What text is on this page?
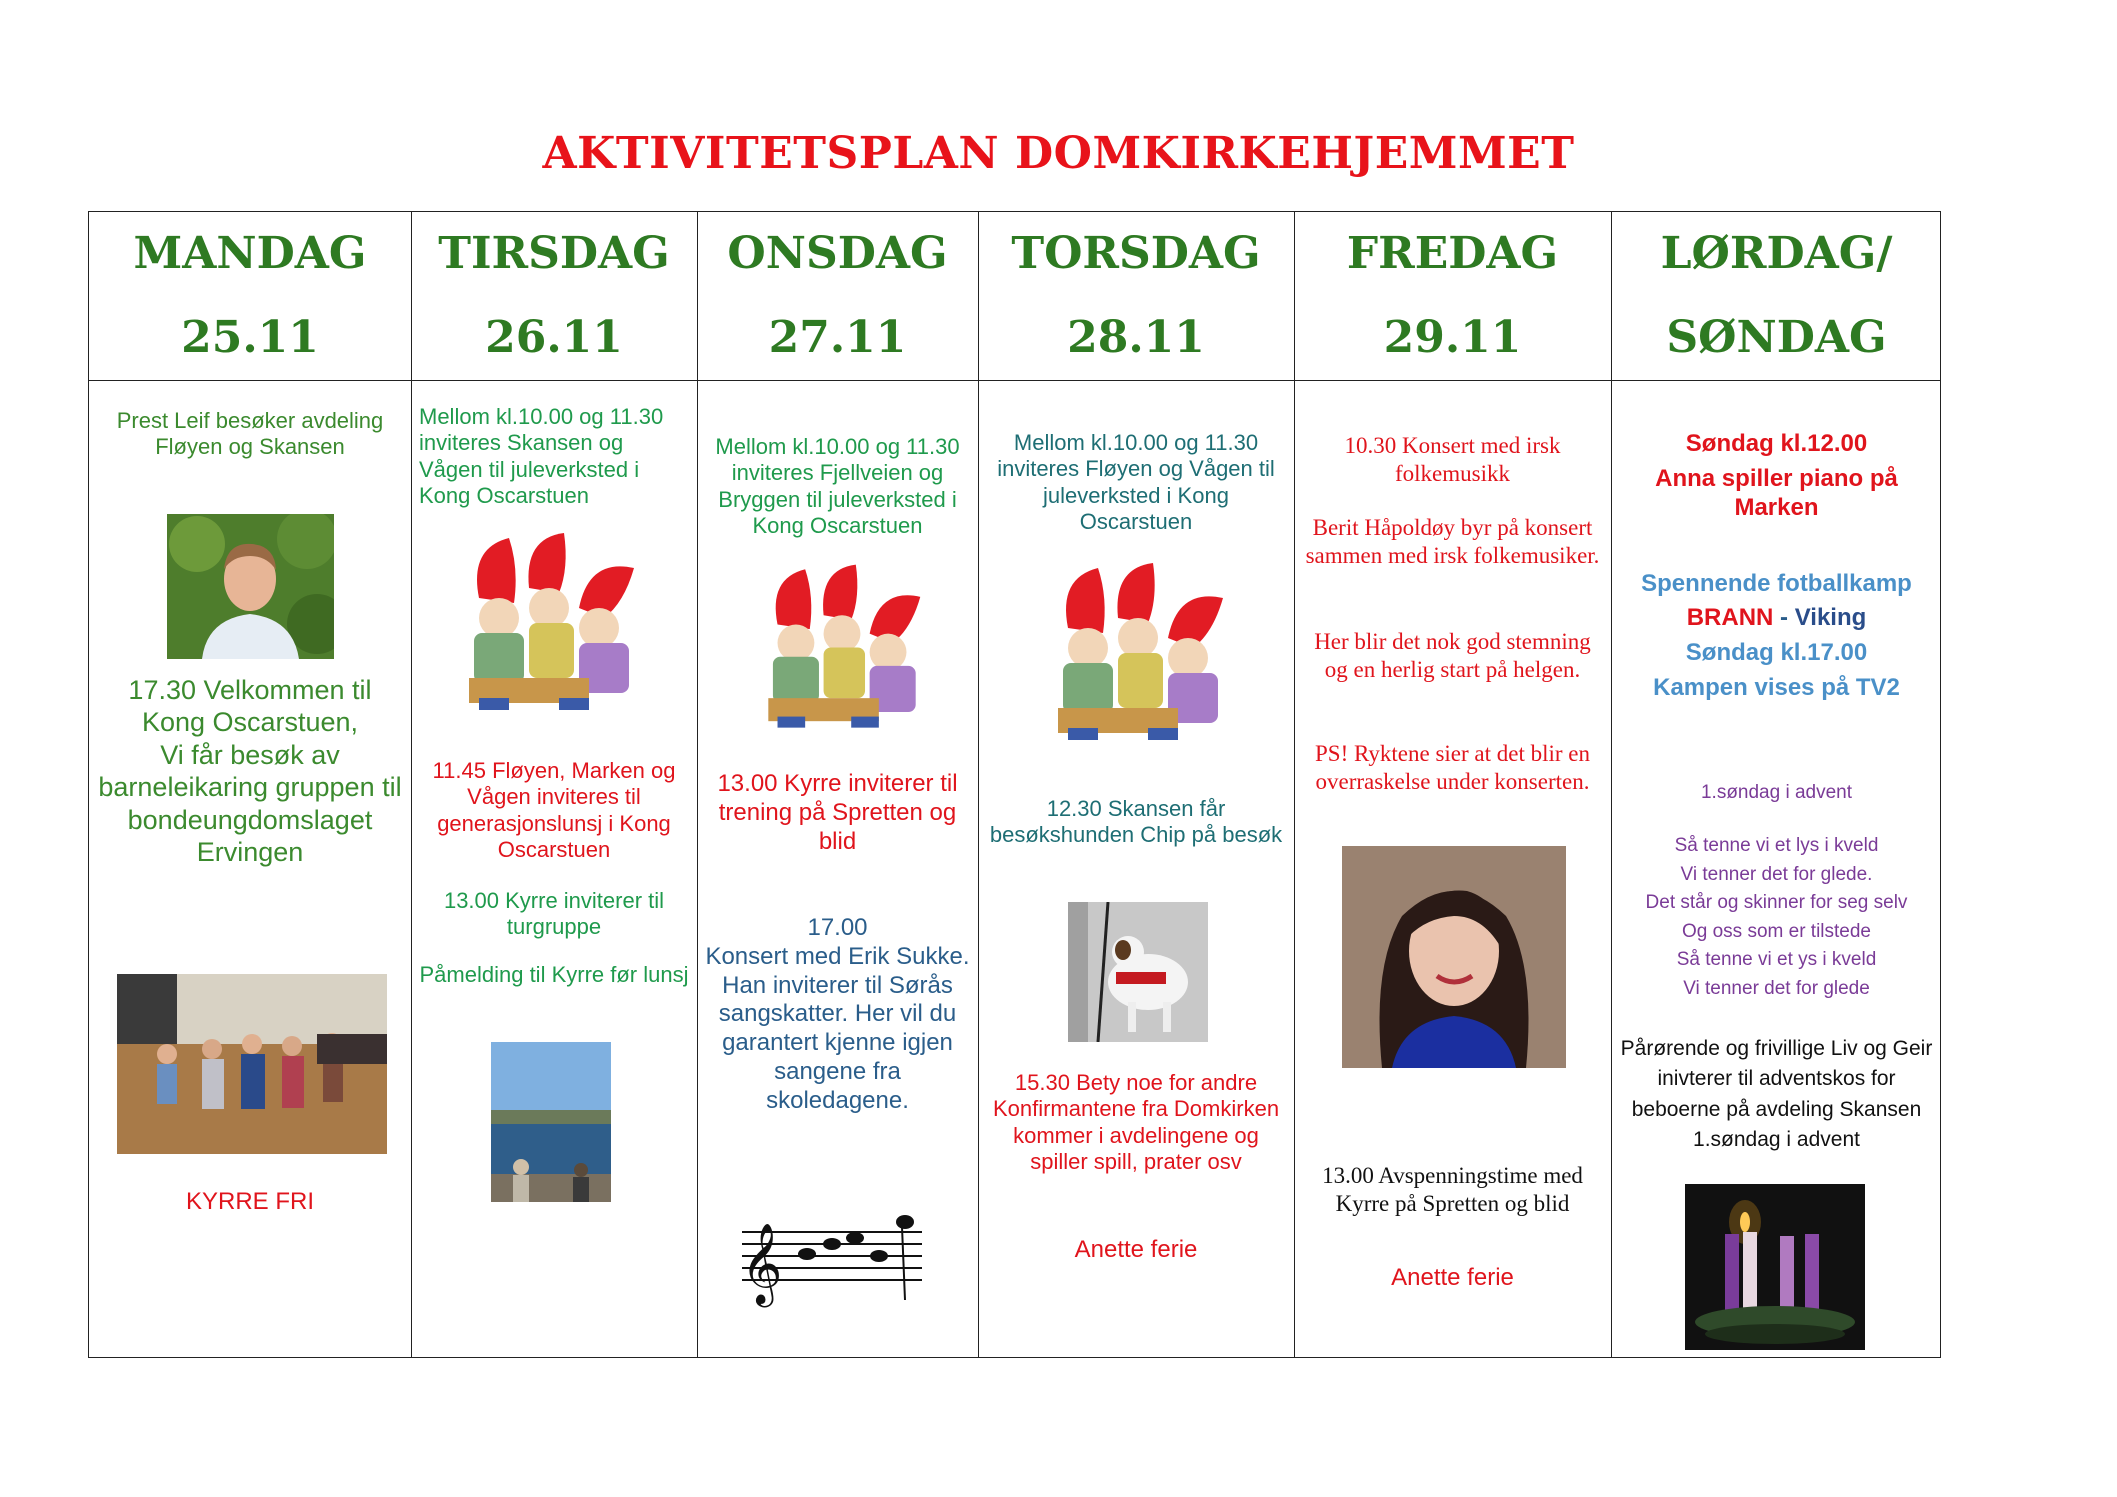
AKTIVITETSPLAN DOMKIRKEHJEMMET
MANDAG
25.11
Prest Leif besøker avdeling Fløyen og Skansen
17.30 Velkommen til Kong Oscarstuen,
Vi får besøk av barneleikaring gruppen til bondeungdomslaget Ervingen
KYRRE FRI
TIRSDAG
26.11
Mellom kl.10.00 og 11.30 inviteres Skansen og Vågen til juleverksted i Kong Oscarstuen
11.45 Fløyen, Marken og Vågen inviteres til generasjonslunsj i Kong Oscarstuen
13.00 Kyrre inviterer til turgruppe
Påmelding til Kyrre før lunsj
ONSDAG
27.11
Mellom kl.10.00 og 11.30 inviteres Fjellveien og Bryggen til juleverksted i Kong Oscarstuen
13.00 Kyrre inviterer til trening på Spretten og blid
17.00
Konsert med Erik Sukke.
Han inviterer til Sørås sangskatter. Her vil du garantert kjenne igjen sangene fra skoledagene.
𝄞
TORSDAG
28.11
Mellom kl.10.00 og 11.30 inviteres Fløyen og Vågen til juleverksted i Kong Oscarstuen
12.30 Skansen får besøkshunden Chip på besøk
15.30 Bety noe for andre Konfirmantene fra Domkirken kommer i avdelingene og spiller spill, prater osv
Anette ferie
FREDAG
29.11
10.30 Konsert med irsk folkemusikk
Berit Håpoldøy byr på konsert sammen med irsk folkemusiker.
Her blir det nok god stemning og en herlig start på helgen.
PS! Ryktene sier at det blir en overraskelse under konserten.
13.00 Avspenningstime med Kyrre på Spretten og blid
Anette ferie
LØRDAG/
SØNDAG
Søndag kl.12.00
Anna spiller piano på Marken
Spennende fotballkamp
BRANN - Viking
Søndag kl.17.00
Kampen vises på TV2
1.søndag i advent
Så tenne vi et lys i kveld
Vi tenner det for glede.
Det står og skinner for seg selv
Og oss som er tilstede
Så tenne vi et ys i kveld
Vi tenner det for glede
Pårørende og frivillige Liv og Geir inivterer til adventskos for beboerne på avdeling Skansen 1.søndag i advent
